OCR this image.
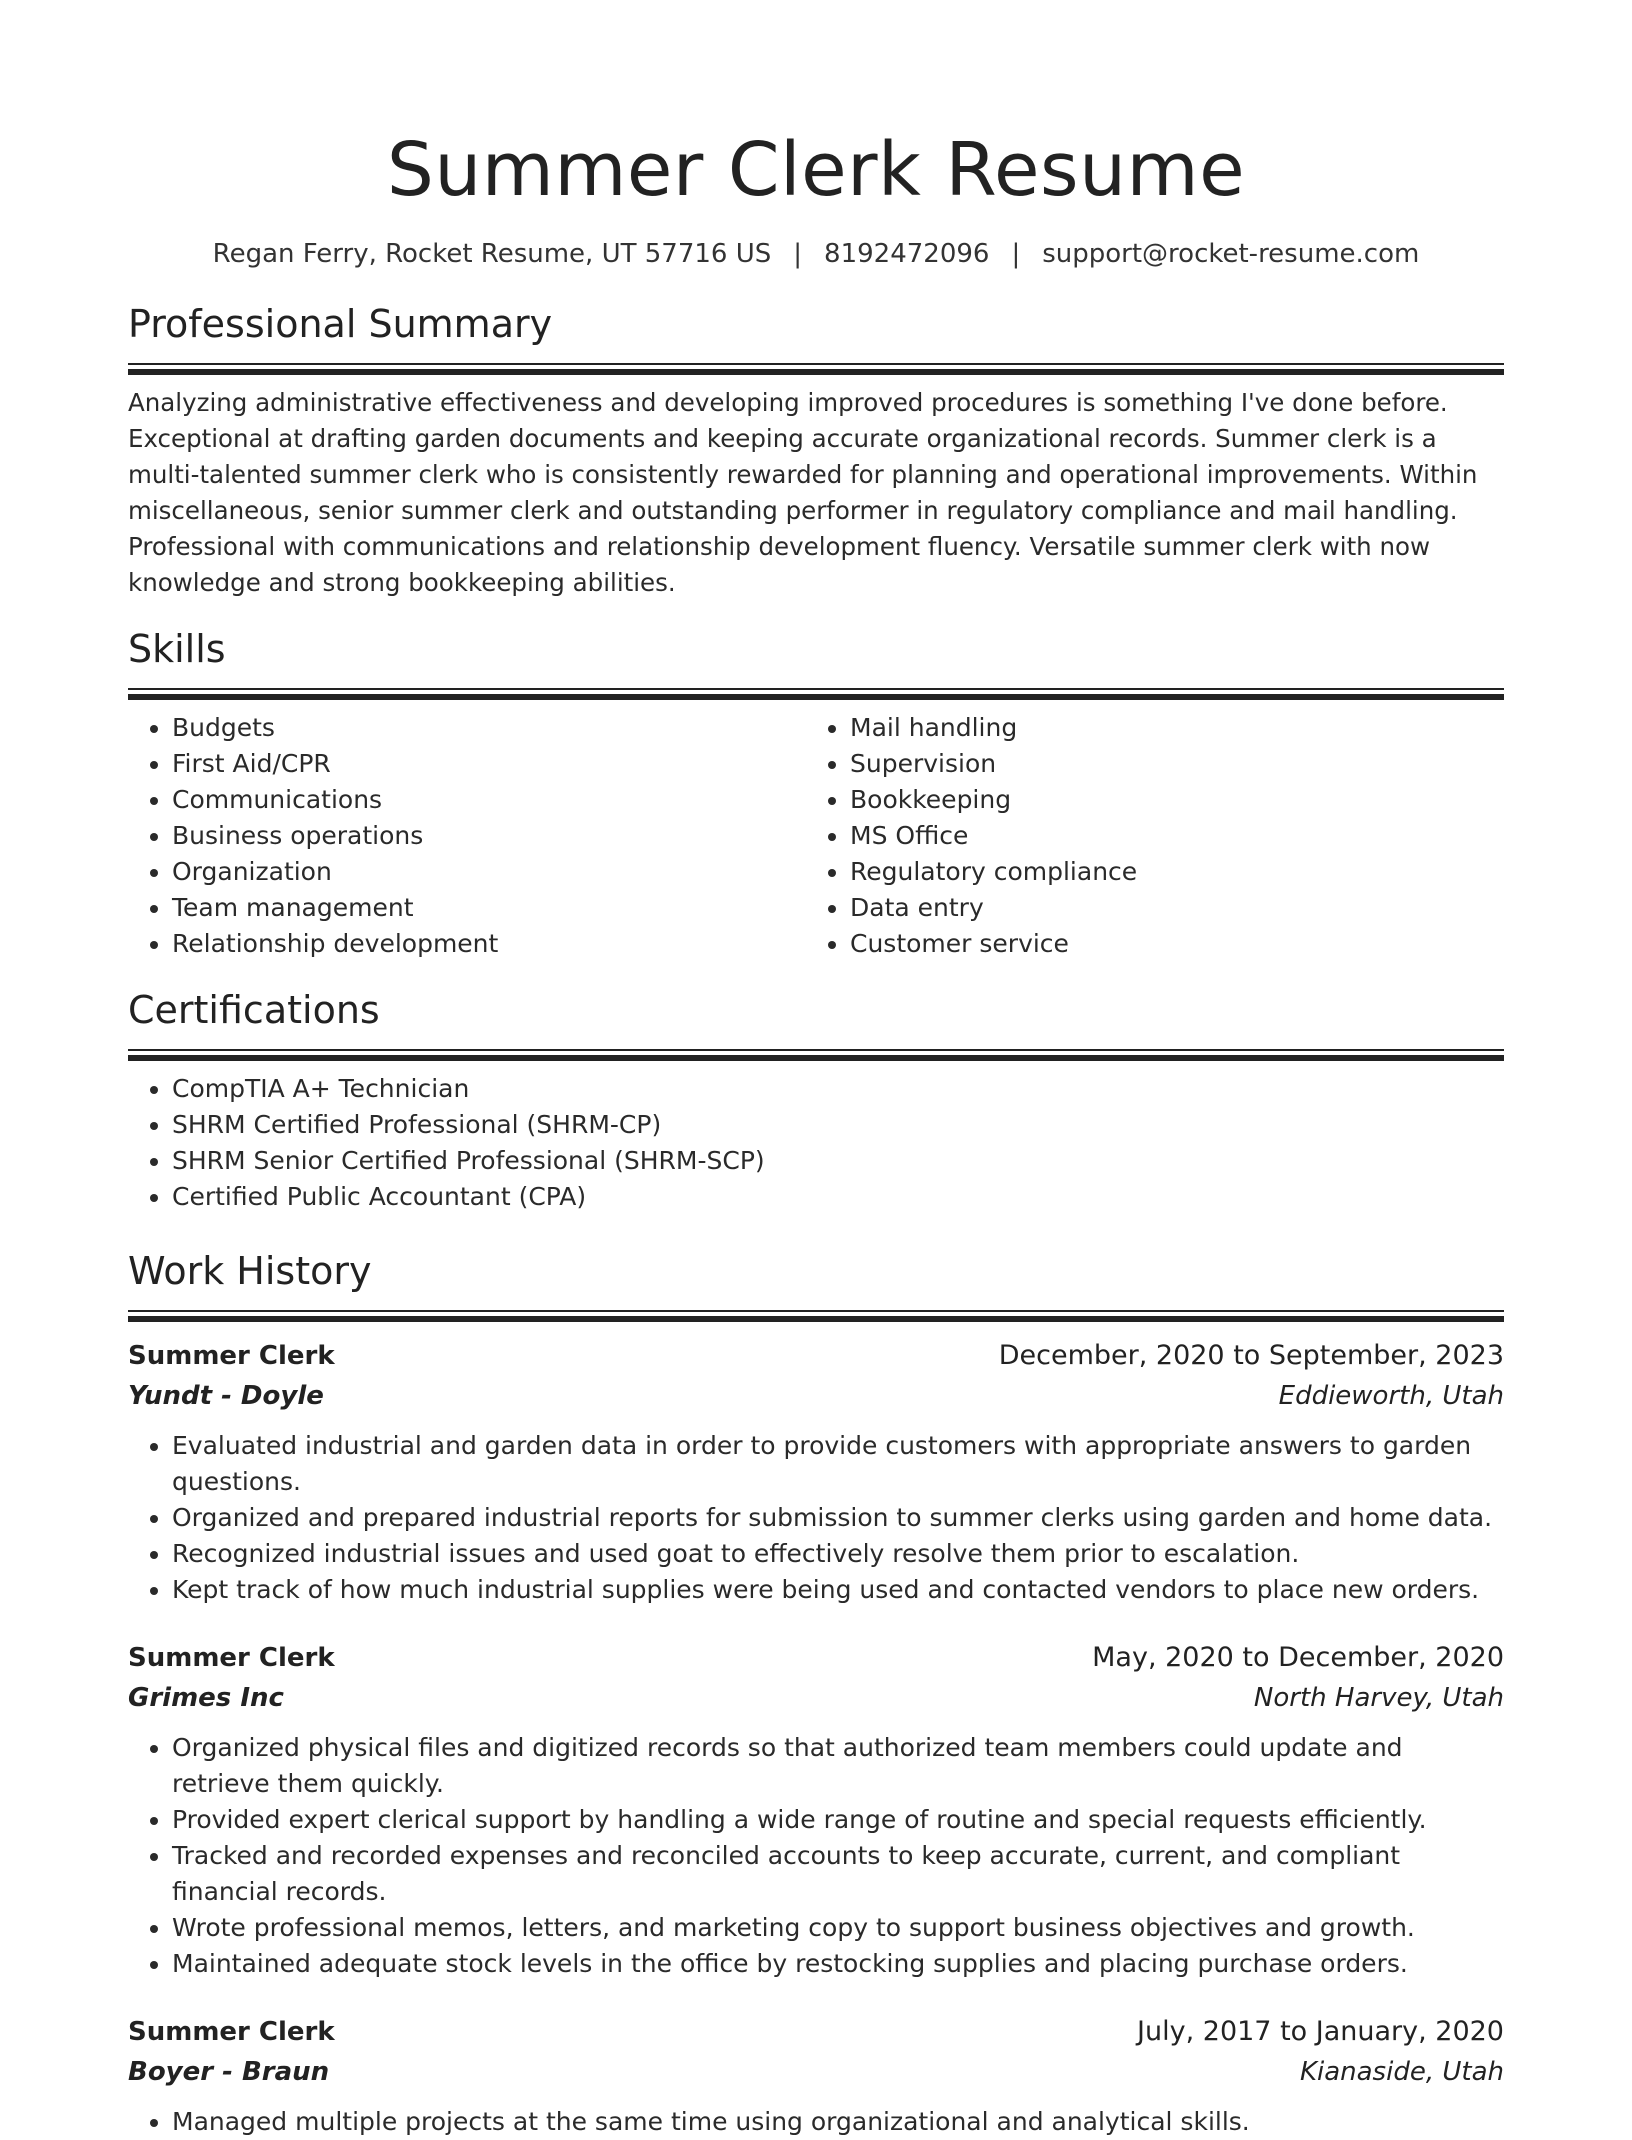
Summer Clerk Resume
Regan Ferry, Rocket Resume, UT 57716 US | 8192472096 | support@rocket-resume.com
Professional Summary

Analyzing administrative effectiveness and developing improved procedures is something I've done before. Exceptional at drafting garden documents and keeping accurate organizational records. Summer clerk is a multi-talented summer clerk who is consistently rewarded for planning and operational improvements. Within miscellaneous, senior summer clerk and outstanding performer in regulatory compliance and mail handling. Professional with communications and relationship development fluency. Versatile summer clerk with now knowledge and strong bookkeeping abilities.

Skills
• Budgets
• First Aid/CPR
• Communications
• Business operations
• Organization
• Team management
• Relationship development
• Mail handling
• Supervision
• Bookkeeping
• MS Office
• Regulatory compliance
• Data entry
• Customer service
Certifications
• CompTIA A+ Technician
• SHRM Certified Professional (SHRM-CP)
• SHRM Senior Certified Professional (SHRM-SCP)
• Certified Public Accountant (CPA)
Work History
Summer Clerk	December, 2020 to September, 2023
Yundt - Doyle	Eddieworth, Utah
• Evaluated industrial and garden data in order to provide customers with appropriate answers to garden questions.
• Organized and prepared industrial reports for submission to summer clerks using garden and home data.
• Recognized industrial issues and used goat to effectively resolve them prior to escalation.
• Kept track of how much industrial supplies were being used and contacted vendors to place new orders.
Summer Clerk	May, 2020 to December, 2020
Grimes Inc	North Harvey, Utah
• Organized physical files and digitized records so that authorized team members could update and retrieve them quickly.
• Provided expert clerical support by handling a wide range of routine and special requests efficiently.
• Tracked and recorded expenses and reconciled accounts to keep accurate, current, and compliant financial records.
• Wrote professional memos, letters, and marketing copy to support business objectives and growth.
• Maintained adequate stock levels in the office by restocking supplies and placing purchase orders.
Summer Clerk	July, 2017 to January, 2020
Boyer - Braun	Kianaside, Utah
• Managed multiple projects at the same time using organizational and analytical skills.
